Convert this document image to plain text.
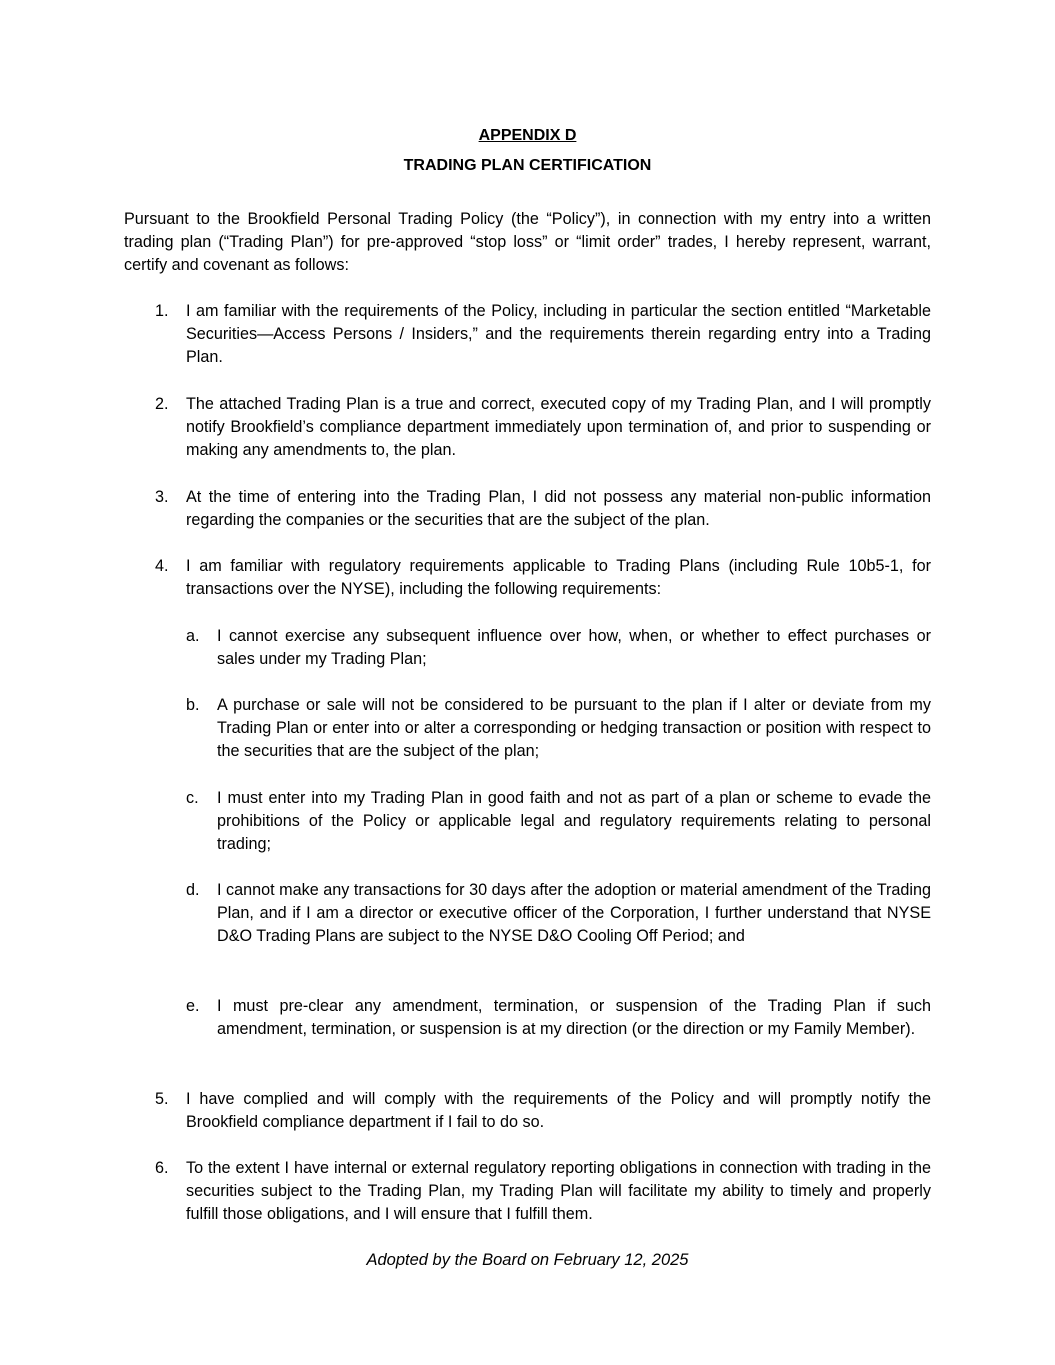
APPENDIX D
TRADING PLAN CERTIFICATION
Pursuant to the Brookfield Personal Trading Policy (the “Policy”), in connection with my entry into a written trading plan (“Trading Plan”) for pre-approved “stop loss” or “limit order” trades, I hereby represent, warrant, certify and covenant as follows:
1.	I am familiar with the requirements of the Policy, including in particular the section entitled “Marketable Securities—Access Persons / Insiders,” and the requirements therein regarding entry into a Trading Plan.
2.	The attached Trading Plan is a true and correct, executed copy of my Trading Plan, and I will promptly notify Brookfield’s compliance department immediately upon termination of, and prior to suspending or making any amendments to, the plan.
3.	At the time of entering into the Trading Plan, I did not possess any material non-public information regarding the companies or the securities that are the subject of the plan.
4.	I am familiar with regulatory requirements applicable to Trading Plans (including Rule 10b5-1, for transactions over the NYSE), including the following requirements:
a.	I cannot exercise any subsequent influence over how, when, or whether to effect purchases or sales under my Trading Plan;
b.	A purchase or sale will not be considered to be pursuant to the plan if I alter or deviate from my Trading Plan or enter into or alter a corresponding or hedging transaction or position with respect to the securities that are the subject of the plan;
c.	I must enter into my Trading Plan in good faith and not as part of a plan or scheme to evade the prohibitions of the Policy or applicable legal and regulatory requirements relating to personal trading;
d.	I cannot make any transactions for 30 days after the adoption or material amendment of the Trading Plan, and if I am a director or executive officer of the Corporation, I further understand that NYSE D&O Trading Plans are subject to the NYSE D&O Cooling Off Period; and
e.	I must pre-clear any amendment, termination, or suspension of the Trading Plan if such amendment, termination, or suspension is at my direction (or the direction or my Family Member).
5.	I have complied and will comply with the requirements of the Policy and will promptly notify the Brookfield compliance department if I fail to do so.
6.	To the extent I have internal or external regulatory reporting obligations in connection with trading in the securities subject to the Trading Plan, my Trading Plan will facilitate my ability to timely and properly fulfill those obligations, and I will ensure that I fulfill them.
Adopted by the Board on February 12, 2025
